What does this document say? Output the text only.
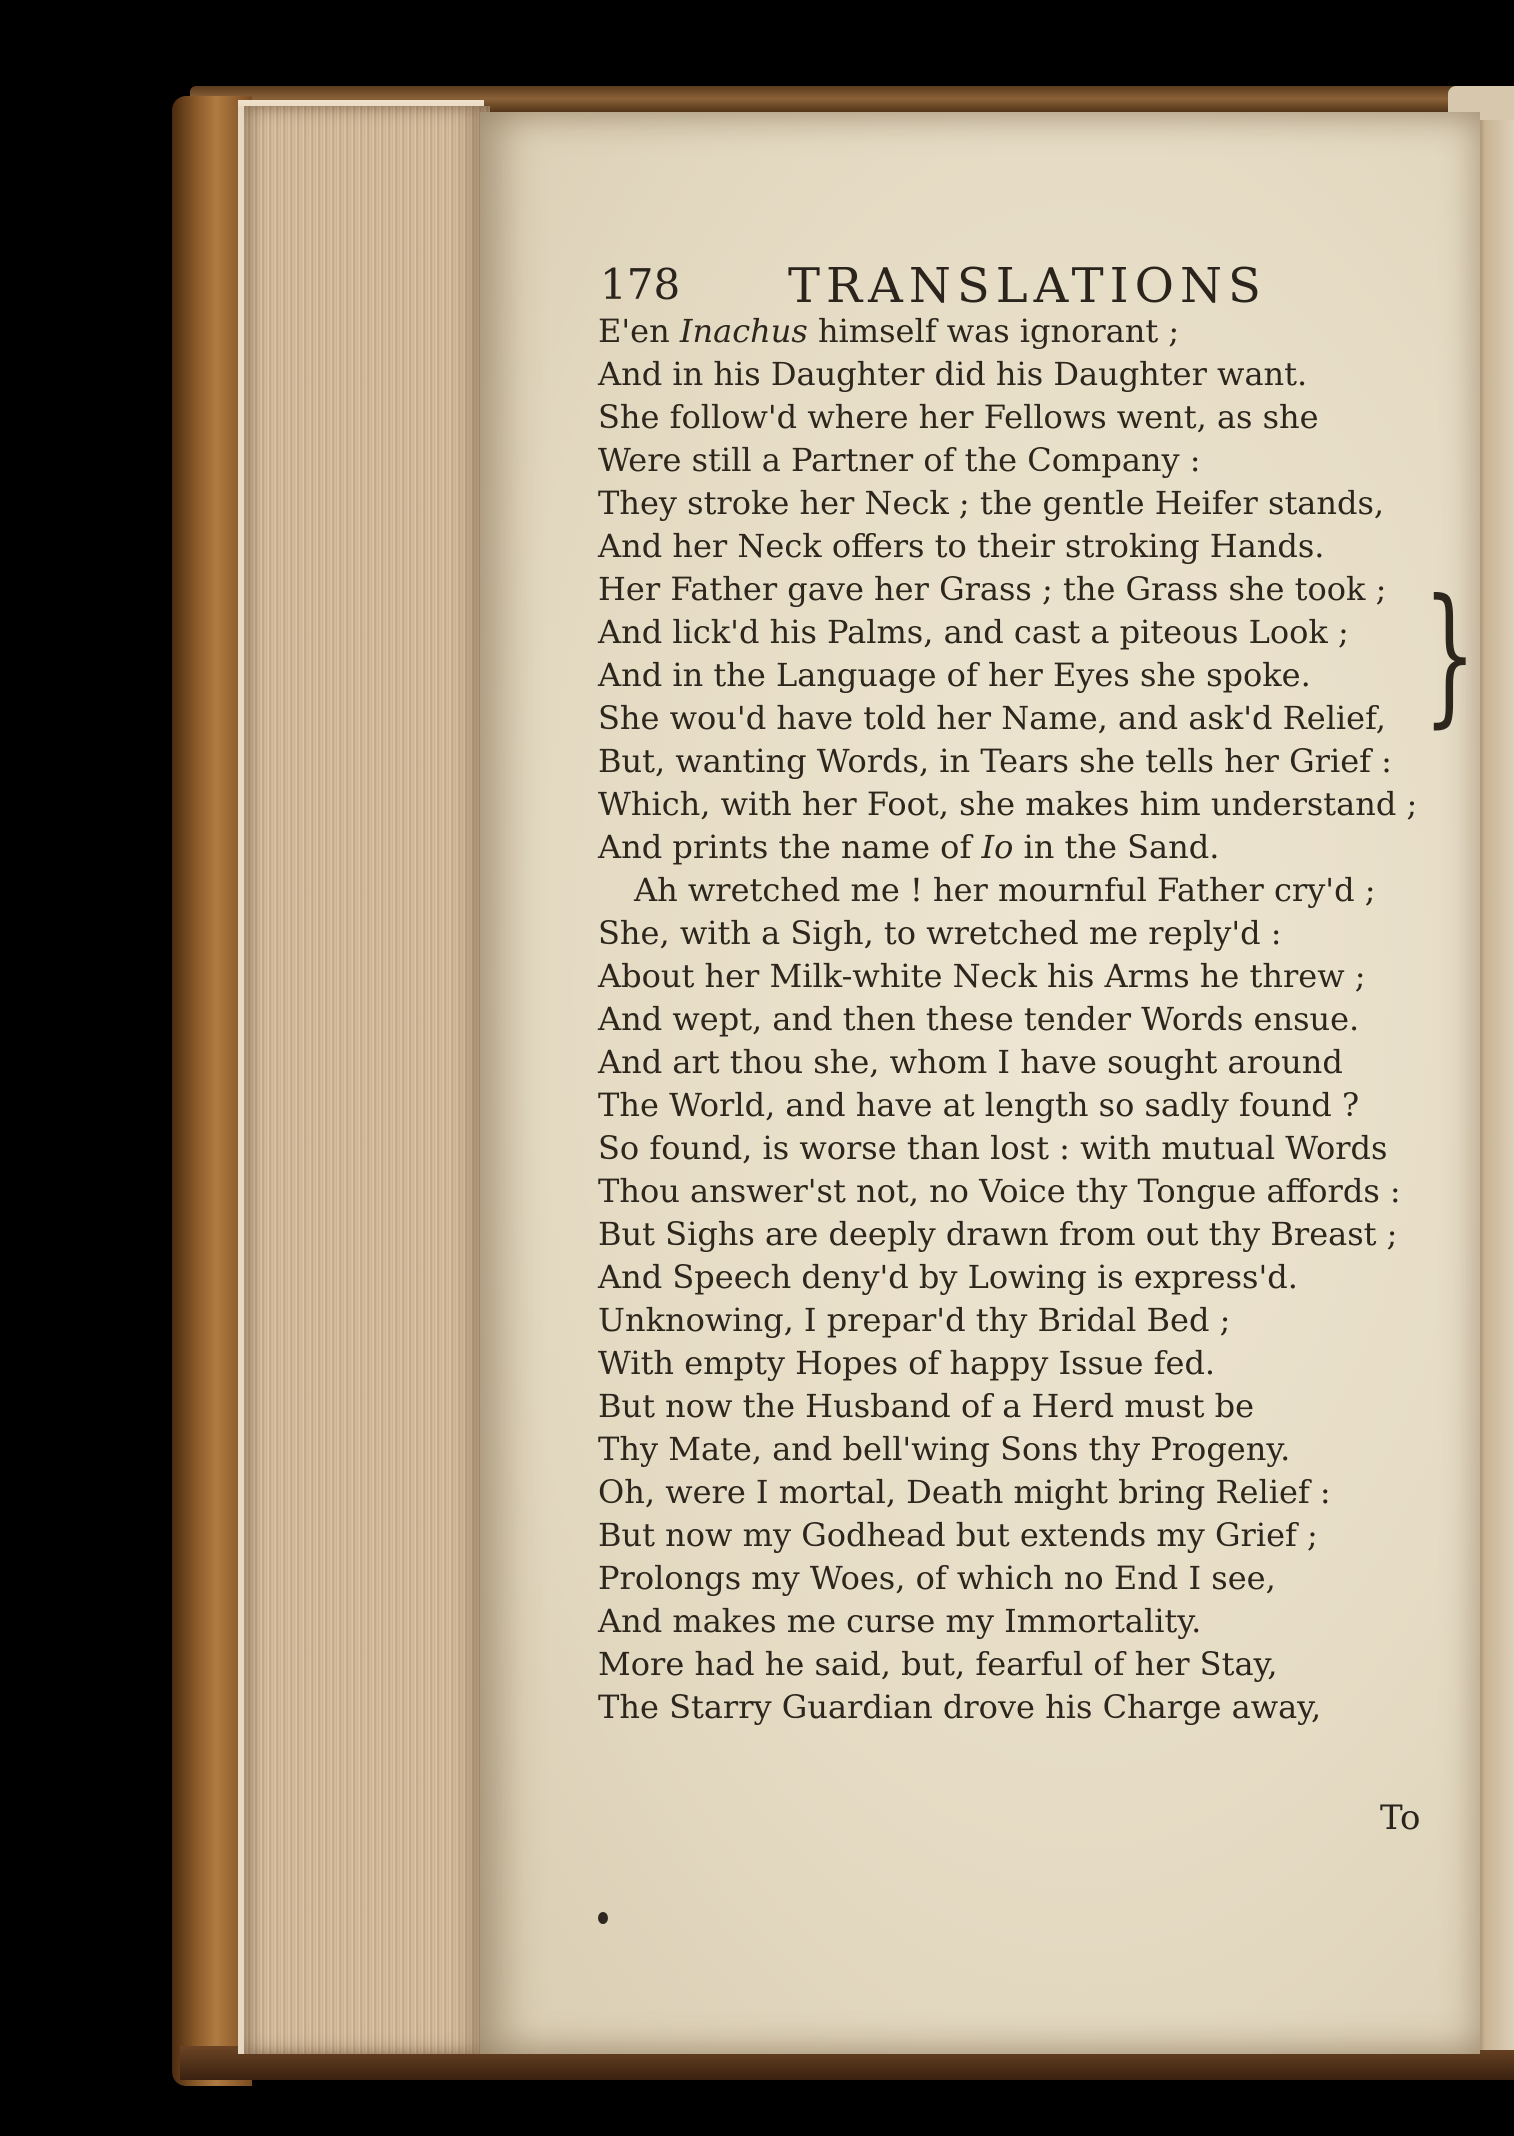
178 TRANSLATIONS
E'en Inachus himself was ignorant ;
And in his Daughter did his Daughter want.
She follow'd where her Fellows went, as she
Were still a Partner of the Company :
They stroke her Neck ; the gentle Heifer stands,
And her Neck offers to their stroking Hands.
Her Father gave her Grass ; the Grass she took ;
And lick'd his Palms, and cast a piteous Look ;
And in the Language of her Eyes she spoke.
She wou'd have told her Name, and ask'd Relief,
But, wanting Words, in Tears she tells her Grief :
Which, with her Foot, she makes him understand ;
And prints the name of Io in the Sand.
Ah wretched me ! her mournful Father cry'd ;
She, with a Sigh, to wretched me reply'd :
About her Milk-white Neck his Arms he threw ;
And wept, and then these tender Words ensue.
And art thou she, whom I have sought around
The World, and have at length so sadly found ?
So found, is worse than lost : with mutual Words
Thou answer'st not, no Voice thy Tongue affords :
But Sighs are deeply drawn from out thy Breast ;
And Speech deny'd by Lowing is express'd.
Unknowing, I prepar'd thy Bridal Bed ;
With empty Hopes of happy Issue fed.
But now the Husband of a Herd must be
Thy Mate, and bell'wing Sons thy Progeny.
Oh, were I mortal, Death might bring Relief :
But now my Godhead but extends my Grief ;
Prolongs my Woes, of which no End I see,
And makes me curse my Immortality.
More had he said, but, fearful of her Stay,
The Starry Guardian drove his Charge away,
}
To
